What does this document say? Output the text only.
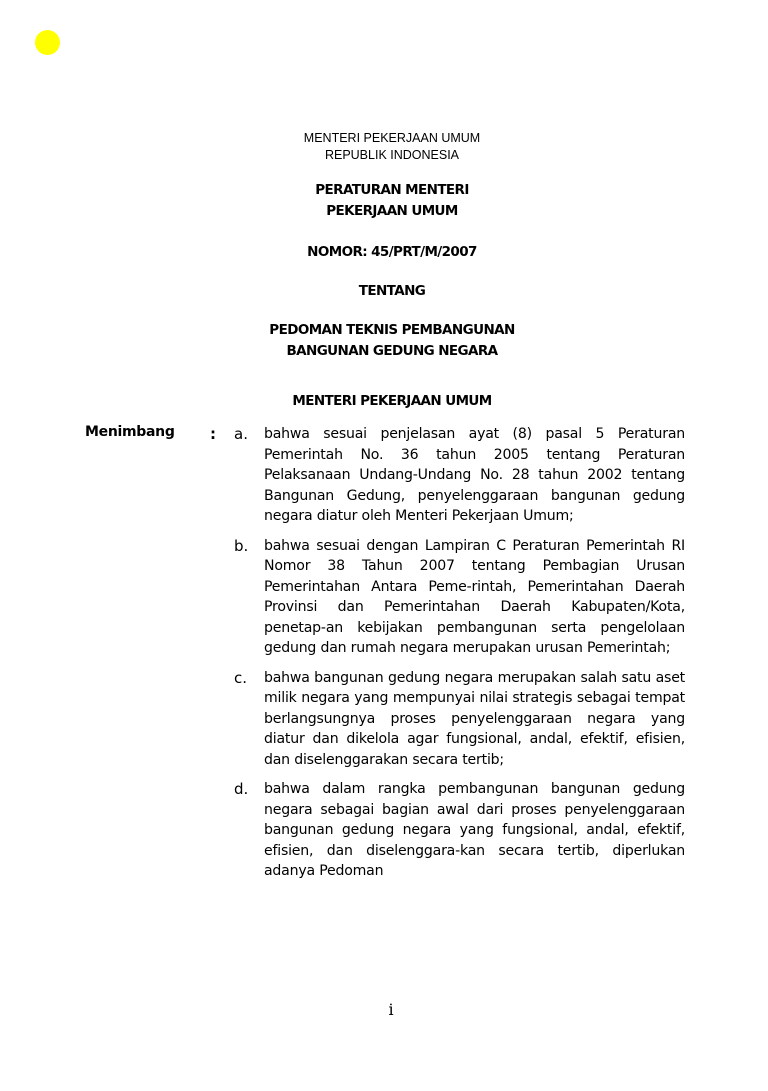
MENTERI PEKERJAAN UMUM
REPUBLIK INDONESIA
PERATURAN MENTERI
PEKERJAAN UMUM
NOMOR: 45/PRT/M/2007
TENTANG
PEDOMAN TEKNIS PEMBANGUNAN
BANGUNAN GEDUNG NEGARA
MENTERI PEKERJAAN UMUM
Menimbang : a. bahwa sesuai penjelasan ayat (8) pasal 5 Peraturan Pemerintah No. 36 tahun 2005 tentang Peraturan Pelaksanaan Undang-Undang No. 28 tahun 2002 tentang Bangunan Gedung, penyelenggaraan bangunan gedung negara diatur oleh Menteri Pekerjaan Umum;
b. bahwa sesuai dengan Lampiran C Peraturan Pemerintah RI Nomor 38 Tahun 2007 tentang Pembagian Urusan Pemerintahan Antara Peme-rintah, Pemerintahan Daerah Provinsi dan Pemerintahan Daerah Kabupaten/Kota, penetap-an kebijakan pembangunan serta pengelolaan gedung dan rumah negara merupakan urusan Pemerintah;
c. bahwa bangunan gedung negara merupakan salah satu aset milik negara yang mempunyai nilai strategis sebagai tempat berlangsungnya proses penyelenggaraan negara yang diatur dan dikelola agar fungsional, andal, efektif, efisien, dan diselenggarakan secara tertib;
d. bahwa dalam rangka pembangunan bangunan gedung negara sebagai bagian awal dari proses penyelenggaraan bangunan gedung negara yang fungsional, andal, efektif, efisien, dan diselenggara-kan secara tertib, diperlukan adanya Pedoman
i
